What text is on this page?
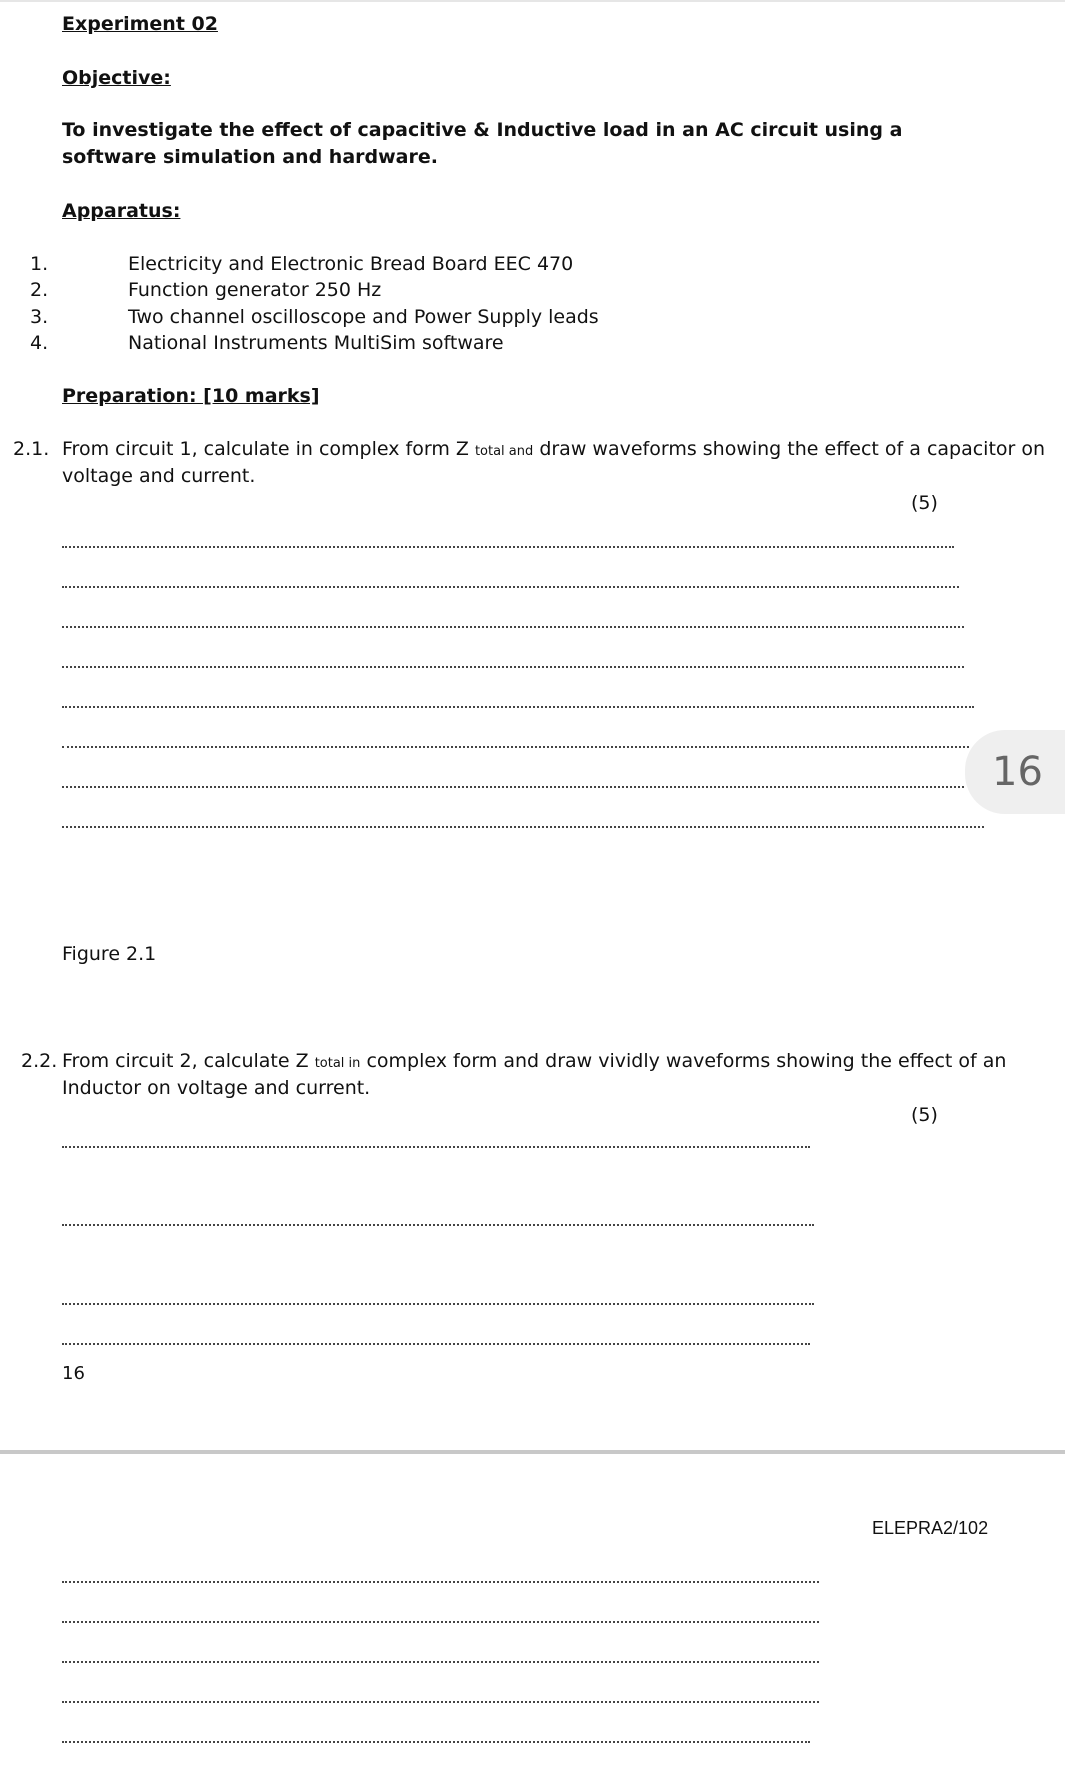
Experiment 02
Objective:
To investigate the effect of capacitive & Inductive load in an AC circuit using a software simulation and hardware.
Apparatus:
1.	Electricity and Electronic Bread Board EEC 470
2.	Function generator 250 Hz
3.	Two channel oscilloscope and Power Supply leads
4.	National Instruments MultiSim software
Preparation: [10 marks]
2.1. From circuit 1, calculate in complex form Z total and draw waveforms showing the effect of a capacitor on
voltage and current.
(5)
16
Figure 2.1
2.2. From circuit 2, calculate Z total in complex form and draw vividly waveforms showing the effect of an
Inductor on voltage and current.
(5)
16
ELEPRA2/102
